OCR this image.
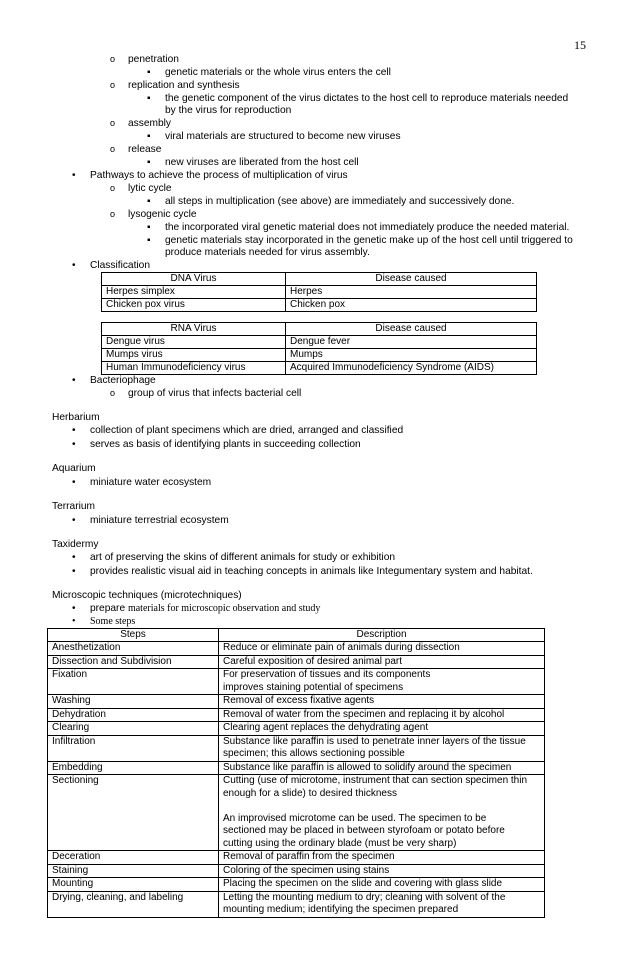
15
o penetration
▪ genetic materials or the whole virus enters the cell
o replication and synthesis
▪ the genetic component of the virus dictates to the host cell to reproduce materials needed
by the virus for reproduction
o assembly
▪ viral materials are structured to become new viruses
o release
▪ new viruses are liberated from the host cell
• Pathways to achieve the process of multiplication of virus
o lytic cycle
▪ all steps in multiplication (see above) are immediately and successively done.
o lysogenic cycle
▪ the incorporated viral genetic material does not immediately produce the needed material.
▪ genetic materials stay incorporated in the genetic make up of the host cell until triggered to
produce materials needed for virus assembly.
• Classification
DNA Virus	Disease caused
Herpes simplex	Herpes
Chicken pox virus	Chicken pox
RNA Virus	Disease caused
Dengue virus	Dengue fever
Mumps virus	Mumps
Human Immunodeficiency virus	Acquired Immunodeficiency Syndrome (AIDS)
• Bacteriophage
o group of virus that infects bacterial cell
Herbarium
• collection of plant specimens which are dried, arranged and classified
• serves as basis of identifying plants in succeeding collection
Aquarium
• miniature water ecosystem
Terrarium
• miniature terrestrial ecosystem
Taxidermy
• art of preserving the skins of different animals for study or exhibition
• provides realistic visual aid in teaching concepts in animals like Integumentary system and habitat.
Microscopic techniques (microtechniques)
• prepare materials for microscopic observation and study
• Some steps
Steps	Description
Anesthetization	Reduce or eliminate pain of animals during dissection
Dissection and Subdivision	Careful exposition of desired animal part
Fixation	For preservation of tissues and its components
improves staining potential of specimens

Washing	Removal of excess fixative agents
Dehydration	Removal of water from the specimen and replacing it by alcohol
Clearing	Clearing agent replaces the dehydrating agent
Infiltration	Substance like paraffin is used to penetrate inner layers of the tissue
specimen; this allows sectioning possible

Embedding	Substance like paraffin is allowed to solidify around the specimen
Sectioning	Cutting (use of microtome, instrument that can section specimen thin
enough for a slide) to desired thickness
An improvised microtome can be used. The specimen to be
sectioned may be placed in between styrofoam or potato before
cutting using the ordinary blade (must be very sharp)

Deceration	Removal of paraffin from the specimen
Staining	Coloring of the specimen using stains
Mounting	Placing the specimen on the slide and covering with glass slide
Drying, cleaning, and labeling	Letting the mounting medium to dry; cleaning with solvent of the
mounting medium; identifying the specimen prepared
